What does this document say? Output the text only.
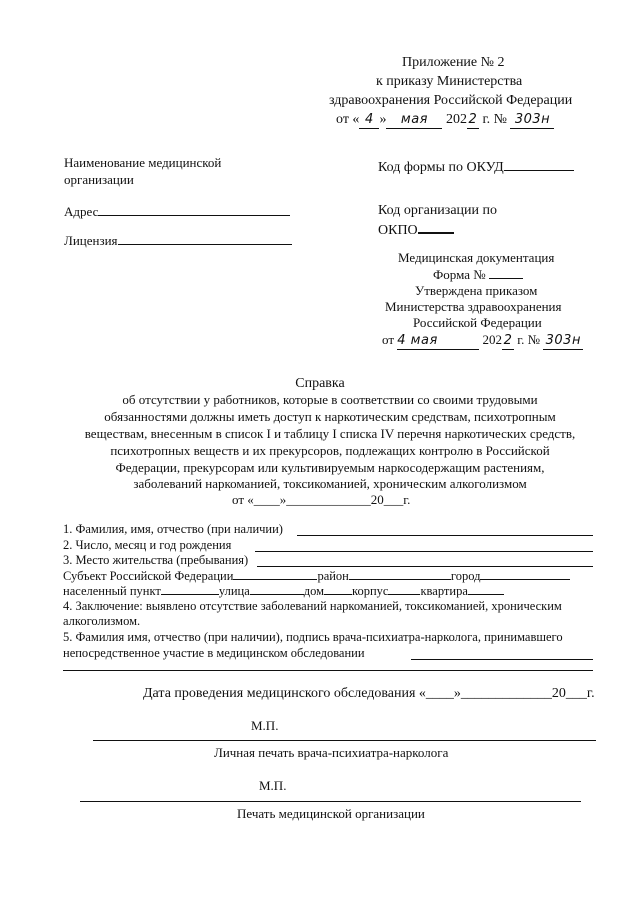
Приложение № 2
к приказу Министерства
здравоохранения Российской Федерации
от « 4 » мая 202 2 г. № 303н
Наименование медицинской
организации
Адрес
Лицензия
Код формы по ОКУД
Код организации по
ОКПО
Медицинская документация
Форма №
Утверждена приказом
Министерства здравоохранения
Российской Федерации
от 4 мая	202 2 г. № 303н
Справка
об отсутствии у работников, которые в соответствии со своими трудовыми
обязанностями должны иметь доступ к наркотическим средствам, психотропным
веществам, внесенным в список I и таблицу I списка IV перечня наркотических средств,
психотропных веществ и их прекурсоров, подлежащих контролю в Российской
Федерации, прекурсорам или культивируемым наркосодержащим растениям,
заболеваний наркоманией, токсикоманией, хроническим алкоголизмом
от «____»_____________20___г.
1. Фамилия, имя, отчество (при наличии)
2. Число, месяц и год рождения
3. Место жительства (пребывания)
Субъект Российской Федерации	район	город
населенный пункт	улица	дом корпус	квартира
4. Заключение: выявлено отсутствие заболеваний наркоманией, токсикоманией, хроническим
алкоголизмом.
5. Фамилия имя, отчество (при наличии), подпись врача-психиатра-нарколога, принимавшего
непосредственное участие в медицинском обследовании
Дата проведения медицинского обследования «____»_____________20___г.
М.П.
Личная печать врача-психиатра-нарколога
М.П.
Печать медицинской организации
